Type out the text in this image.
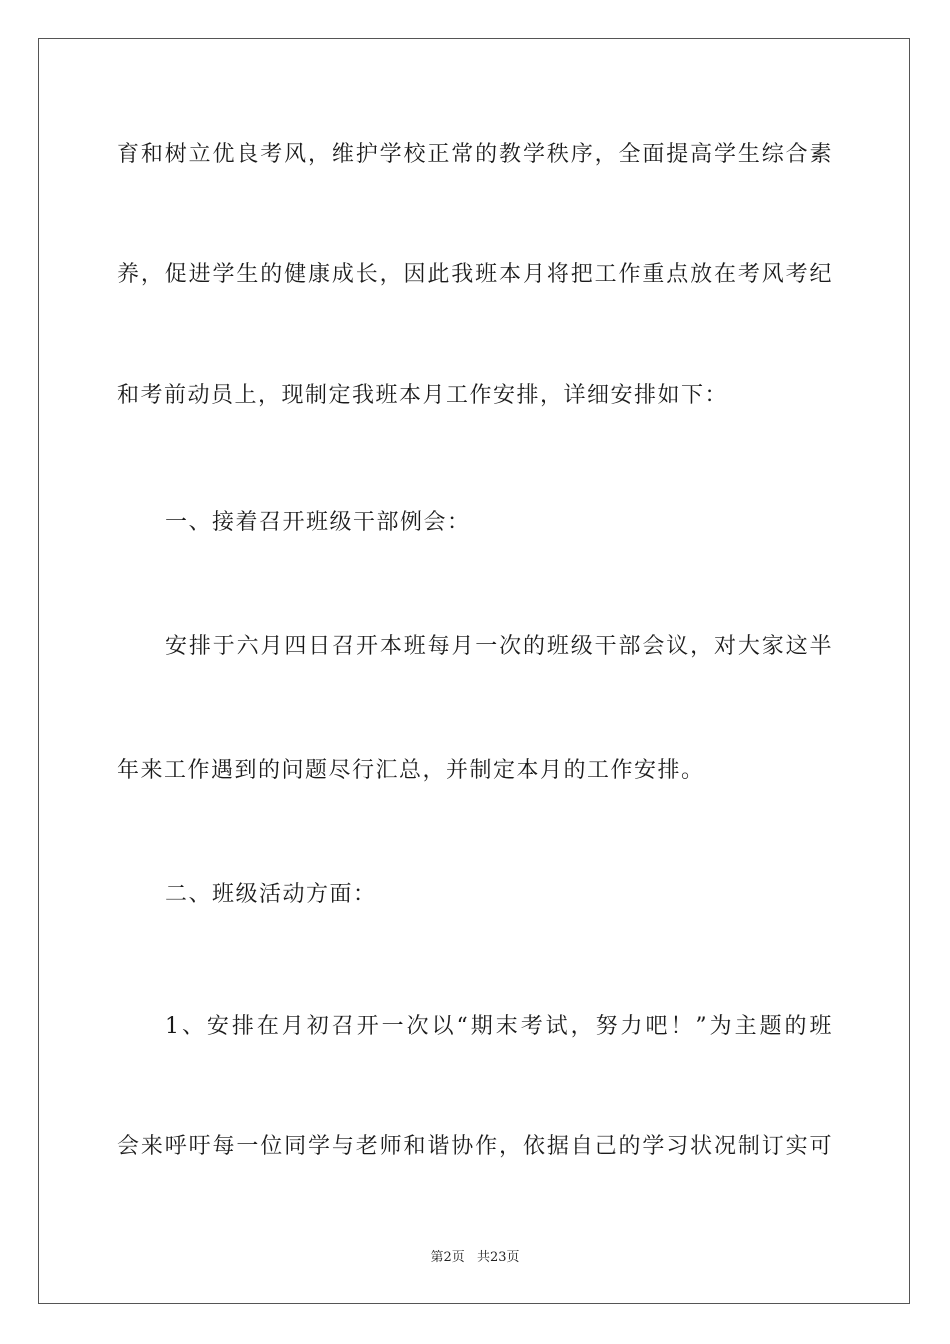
育和树立优良考风，维护学校正常的教学秩序，全面提高学生综合素
养，促进学生的健康成长，因此我班本月将把工作重点放在考风考纪
和考前动员上，现制定我班本月工作安排，详细安排如下：
一、接着召开班级干部例会：
安排于六月四日召开本班每月一次的班级干部会议，对大家这半
年来工作遇到的问题尽行汇总，并制定本月的工作安排。
二、班级活动方面：
1、安排在月初召开一次以“期末考试，努力吧！”为主题的班
会来呼吁每一位同学与老师和谐协作，依据自己的学习状况制订实可
第2页 共23页
